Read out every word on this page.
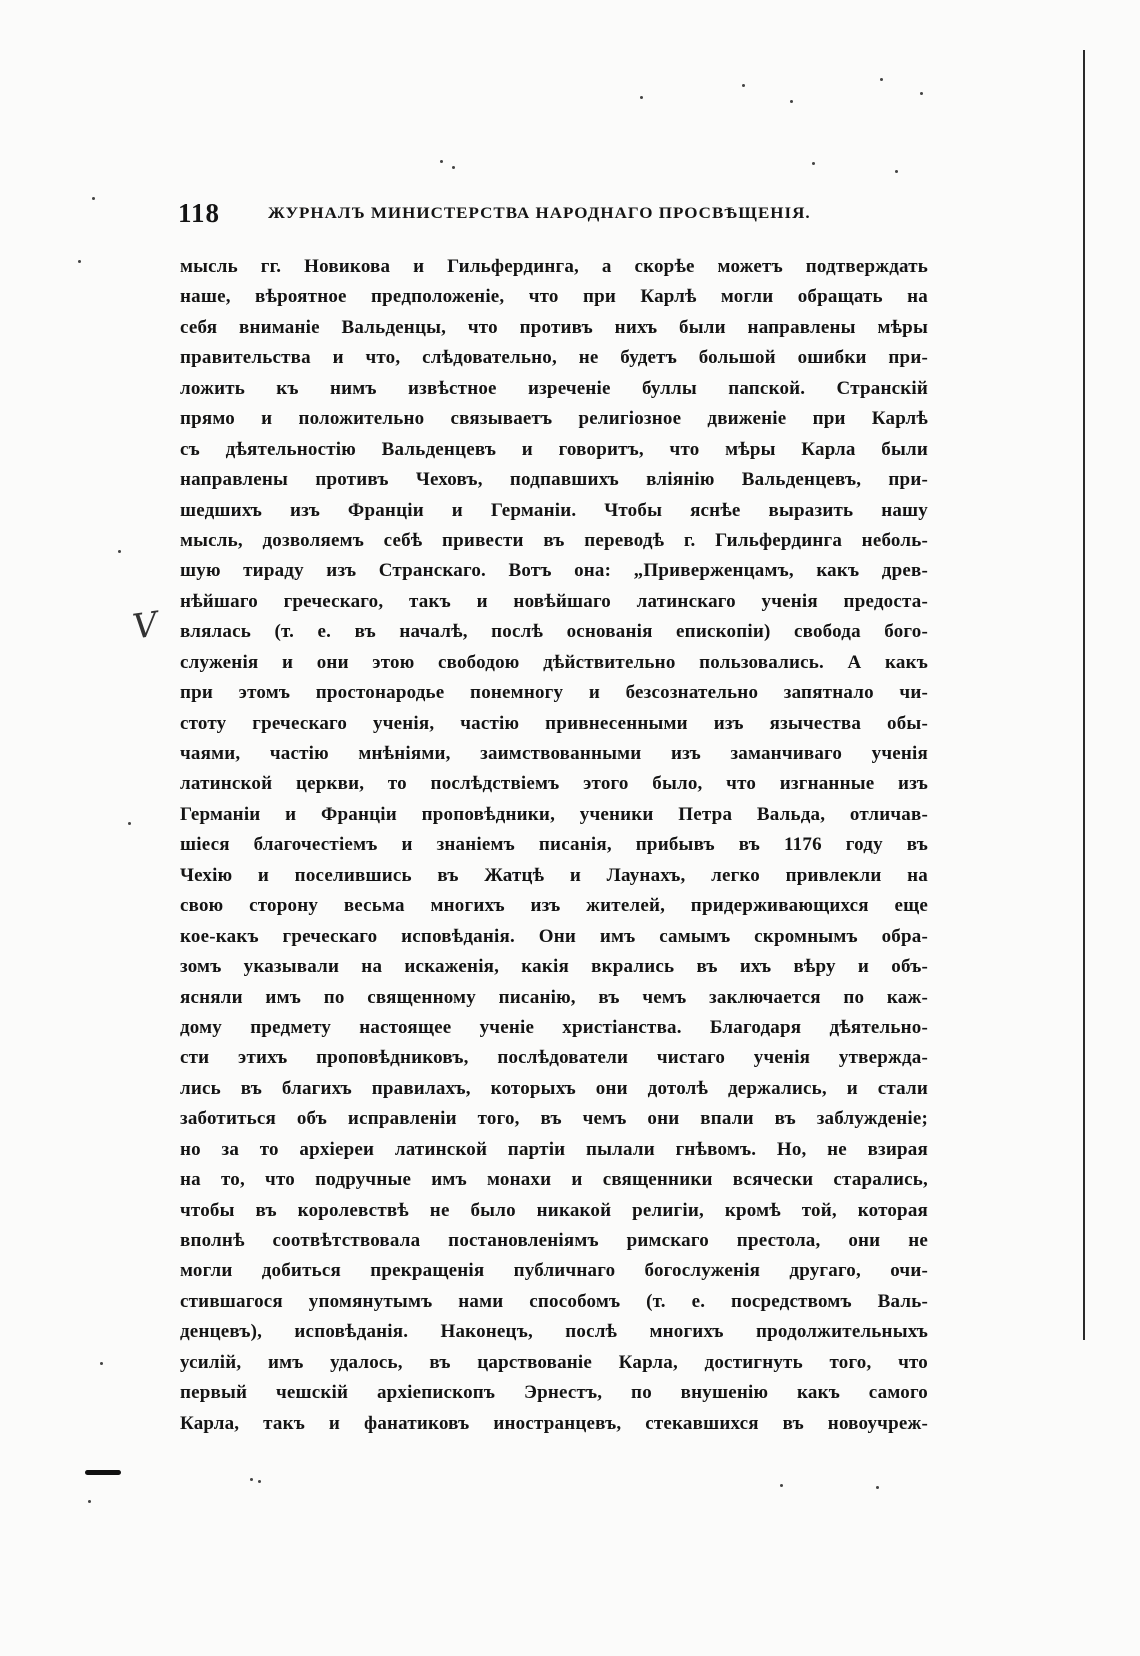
118	ЖУРНАЛЪ МИНИСТЕРСТВА НАРОДНАГО ПРОСВѢЩЕНІЯ.
V
мысль гг. Новикова и Гильфердинга, а скорѣе можетъ подтверждать
наше, вѣроятное предположеніе, что при Карлѣ могли обращать на
себя вниманіе Вальденцы, что противъ нихъ были направлены мѣры
правительства и что, слѣдовательно, не будетъ большой ошибки при-
ложить къ нимъ извѣстное изреченіе буллы папской. Странскій
прямо и положительно связываетъ религіозное движеніе при Карлѣ
съ дѣятельностію Вальденцевъ и говоритъ, что мѣры Карла были
направлены противъ Чеховъ, подпавшихъ вліянію Вальденцевъ, при-
шедшихъ изъ Франціи и Германіи. Чтобы яснѣе выразить нашу
мысль, дозволяемъ себѣ привести въ переводѣ г. Гильфердинга неболь-
шую тираду изъ Странскаго. Вотъ она: „Приверженцамъ, какъ древ-
нѣйшаго греческаго, такъ и новѣйшаго латинскаго ученія предоста-
влялась (т. е. въ началѣ, послѣ основанія епископіи) свобода бого-
служенія и они этою свободою дѣйствительно пользовались. А какъ
при этомъ простонародье понемногу и безсознательно запятнало чи-
стоту греческаго ученія, частію привнесенными изъ язычества обы-
чаями, частію мнѣніями, заимствованными изъ заманчиваго ученія
латинской церкви, то послѣдствіемъ этого было, что изгнанные изъ
Германіи и Франціи проповѣдники, ученики Петра Вальда, отличав-
шіеся благочестіемъ и знаніемъ писанія, прибывъ въ 1176 году въ
Чехію и поселившись въ Жатцѣ и Лаунахъ, легко привлекли на
свою сторону весьма многихъ изъ жителей, придерживающихся еще
кое-какъ греческаго исповѣданія. Они имъ самымъ скромнымъ обра-
зомъ указывали на искаженія, какія вкрались въ ихъ вѣру и объ-
ясняли имъ по священному писанію, въ чемъ заключается по каж-
дому предмету настоящее ученіе христіанства. Благодаря дѣятельно-
сти этихъ проповѣдниковъ, послѣдователи чистаго ученія утвержда-
лись въ благихъ правилахъ, которыхъ они дотолѣ держались, и стали
заботиться объ исправленіи того, въ чемъ они впали въ заблужденіе;
но за то архіереи латинской партіи пылали гнѣвомъ. Но, не взирая
на то, что подручные имъ монахи и священники всячески старались,
чтобы въ королевствѣ не было никакой религіи, кромѣ той, которая
вполнѣ соотвѣтствовала постановленіямъ римскаго престола, они не
могли добиться прекращенія публичнаго богослуженія другаго, очи-
стившагося упомянутымъ нами способомъ (т. е. посредствомъ Валь-
денцевъ), исповѣданія. Наконецъ, послѣ многихъ продолжительныхъ
усилій, имъ удалось, въ царствованіе Карла, достигнуть того, что
первый чешскій архіепископъ Эрнестъ, по внушенію какъ самого
Карла, такъ и фанатиковъ иностранцевъ, стекавшихся въ новоучреж-
